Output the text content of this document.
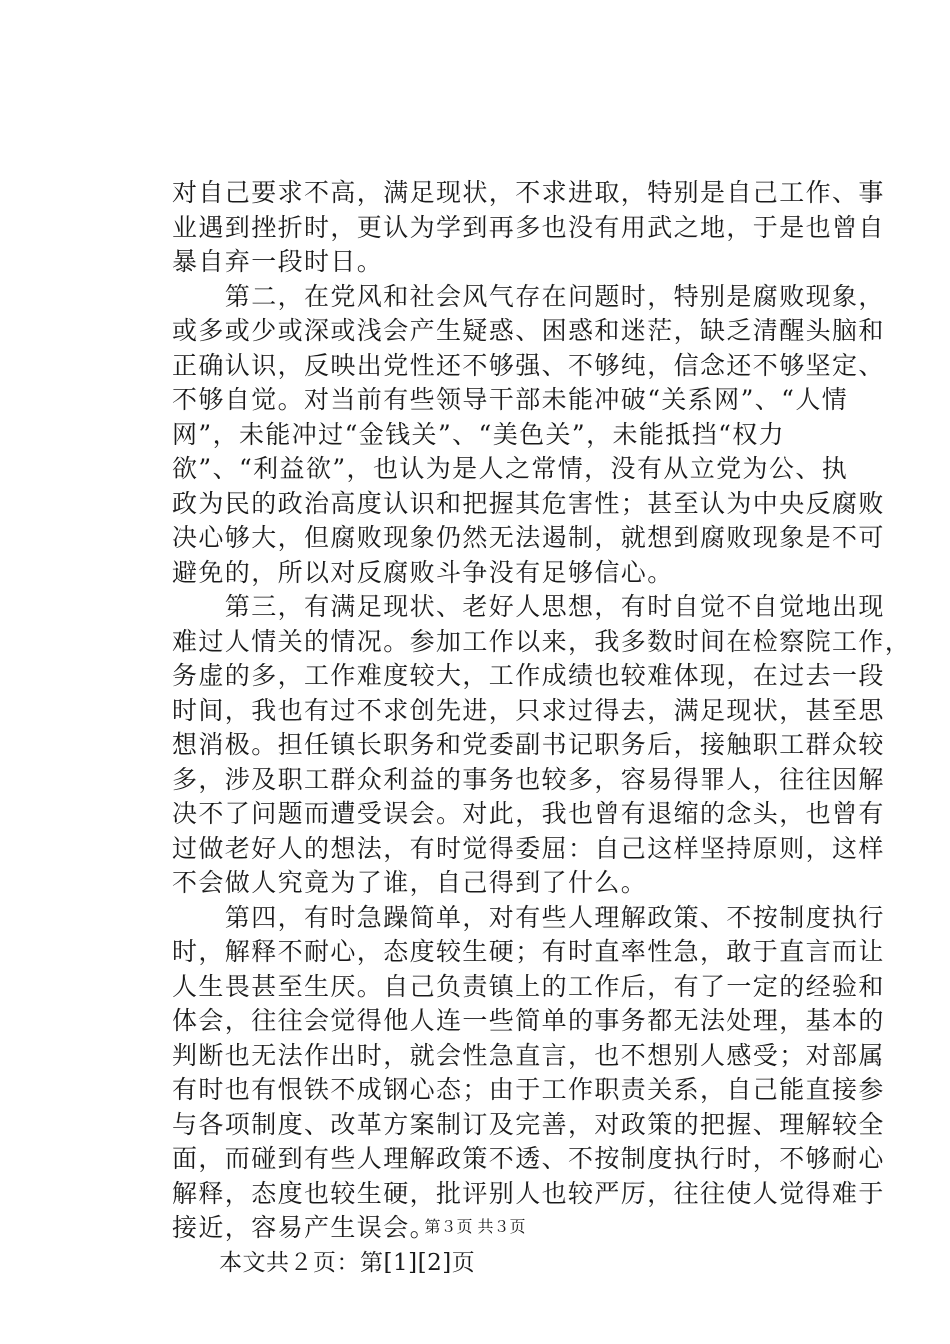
对自己要求不高，满足现状，不求进取，特别是自己工作、事
业遇到挫折时，更认为学到再多也没有用武之地，于是也曾自
暴自弃一段时日。
　　第二，在党风和社会风气存在问题时，特别是腐败现象，
或多或少或深或浅会产生疑惑、困惑和迷茫，缺乏清醒头脑和
正确认识，反映出党性还不够强、不够纯，信念还不够坚定、
不够自觉。对当前有些领导干部未能冲破“关系网”、“人情
网”，未能冲过“金钱关”、“美色关”，未能抵挡“权力
欲”、“利益欲”，也认为是人之常情，没有从立党为公、执
政为民的政治高度认识和把握其危害性；甚至认为中央反腐败
决心够大，但腐败现象仍然无法遏制，就想到腐败现象是不可
避免的，所以对反腐败斗争没有足够信心。
　　第三，有满足现状、老好人思想，有时自觉不自觉地出现
难过人情关的情况。参加工作以来，我多数时间在检察院工作，
务虚的多，工作难度较大，工作成绩也较难体现，在过去一段
时间，我也有过不求创先进，只求过得去，满足现状，甚至思
想消极。担任镇长职务和党委副书记职务后，接触职工群众较
多，涉及职工群众利益的事务也较多，容易得罪人，往往因解
决不了问题而遭受误会。对此，我也曾有退缩的念头，也曾有
过做老好人的想法，有时觉得委屈：自己这样坚持原则，这样
不会做人究竟为了谁，自己得到了什么。
　　第四，有时急躁简单，对有些人理解政策、不按制度执行
时，解释不耐心，态度较生硬；有时直率性急，敢于直言而让
人生畏甚至生厌。自己负责镇上的工作后，有了一定的经验和
体会，往往会觉得他人连一些简单的事务都无法处理，基本的
判断也无法作出时，就会性急直言，也不想别人感受；对部属
有时也有恨铁不成钢心态；由于工作职责关系，自己能直接参
与各项制度、改革方案制订及完善，对政策的把握、理解较全
面，而碰到有些人理解政策不透、不按制度执行时，不够耐心
解释，态度也较生硬，批评别人也较严厉，往往使人觉得难于
接近，容易产生误会。
　　本文共２页：第[1][2]页
第３页 共３页
